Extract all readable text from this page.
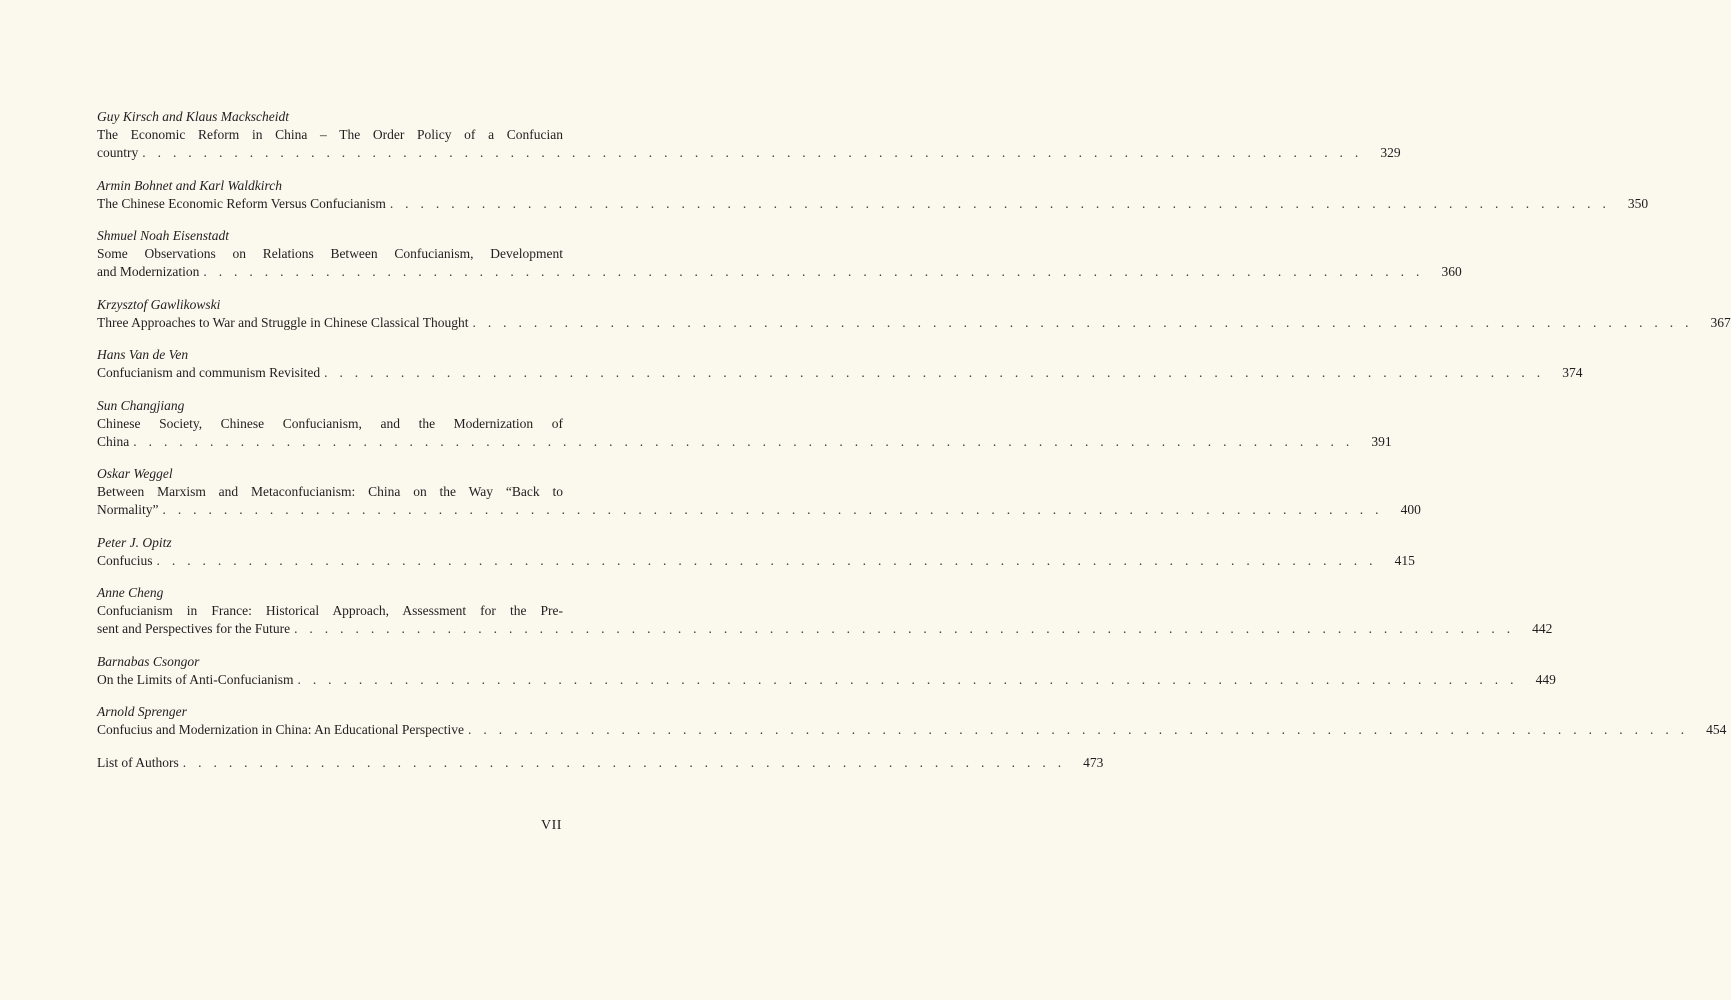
Guy Kirsch and Klaus Mackscheidt
The Economic Reform in China – The Order Policy of a Confucian
country . . . . . . . . . . . . . . . . . . . . . . . . . . . . . . . . . . . . . . . . . . . . . . . . . . . . . . . . . . . . . . . . . . . . . . . . . . . . . . . .	329
Armin Bohnet and Karl Waldkirch
The Chinese Economic Reform Versus Confucianism . . . . . . . . . . . . . . . . . . . . . . . . . . . . . . . . . . . . . . . . . . . . . . . . . . . . . . . . . . . . . . . . . . . . . . . . . . . . . . . .	350
Shmuel Noah Eisenstadt
Some Observations on Relations Between Confucianism, Development
and Modernization . . . . . . . . . . . . . . . . . . . . . . . . . . . . . . . . . . . . . . . . . . . . . . . . . . . . . . . . . . . . . . . . . . . . . . . . . . . . . . . .	360
Krzysztof Gawlikowski
Three Approaches to War and Struggle in Chinese Classical Thought . . . . . . . . . . . . . . . . . . . . . . . . . . . . . . . . . . . . . . . . . . . . . . . . . . . . . . . . . . . . . . . . . . . . . . . . . . . . . . . .	367
Hans Van de Ven
Confucianism and communism Revisited . . . . . . . . . . . . . . . . . . . . . . . . . . . . . . . . . . . . . . . . . . . . . . . . . . . . . . . . . . . . . . . . . . . . . . . . . . . . . . . .	374
Sun Changjiang
Chinese Society, Chinese Confucianism, and the Modernization of
China . . . . . . . . . . . . . . . . . . . . . . . . . . . . . . . . . . . . . . . . . . . . . . . . . . . . . . . . . . . . . . . . . . . . . . . . . . . . . . . .	391
Oskar Weggel
Between Marxism and Metaconfucianism: China on the Way “Back to
Normality” . . . . . . . . . . . . . . . . . . . . . . . . . . . . . . . . . . . . . . . . . . . . . . . . . . . . . . . . . . . . . . . . . . . . . . . . . . . . . . . .	400
Peter J. Opitz
Confucius . . . . . . . . . . . . . . . . . . . . . . . . . . . . . . . . . . . . . . . . . . . . . . . . . . . . . . . . . . . . . . . . . . . . . . . . . . . . . . . .	415
Anne Cheng
Confucianism in France: Historical Approach, Assessment for the Pre-
sent and Perspectives for the Future . . . . . . . . . . . . . . . . . . . . . . . . . . . . . . . . . . . . . . . . . . . . . . . . . . . . . . . . . . . . . . . . . . . . . . . . . . . . . . . .	442
Barnabas Csongor
On the Limits of Anti-Confucianism . . . . . . . . . . . . . . . . . . . . . . . . . . . . . . . . . . . . . . . . . . . . . . . . . . . . . . . . . . . . . . . . . . . . . . . . . . . . . . . .	449
Arnold Sprenger
Confucius and Modernization in China: An Educational Perspective . . . . . . . . . . . . . . . . . . . . . . . . . . . . . . . . . . . . . . . . . . . . . . . . . . . . . . . . . . . . . . . . . . . . . . . . . . . . . . . .	454
List of Authors . . . . . . . . . . . . . . . . . . . . . . . . . . . . . . . . . . . . . . . . . . . . . . . . . . . . . . . . . .	473
VII
